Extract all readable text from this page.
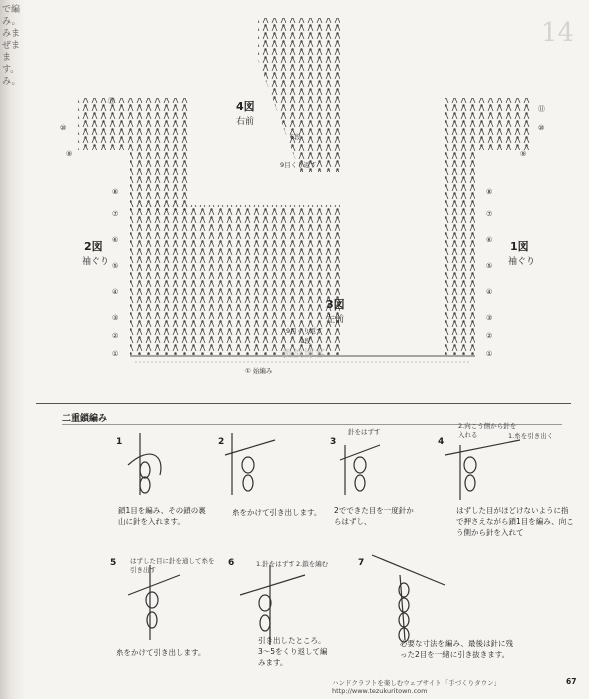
で編
み。
みま
ぜま
ます。
み。
14
4図
右前
6段
9目くり返す
2図
袖ぐり
3図
左前
9目くり返す
9段
① 始編み
1図
袖ぐり
⑪
⑩
⑨
⑧
⑦
⑥
⑤
④
③
②
①
⑪
⑩
⑨
⑧
⑦
⑥
⑤
④
③
②
①
新浪博客
二重鎖編み
1	2	3	4
5	6	7
針をはずす
2.向こう側から針を入れる	1.糸を引き出く
はずした目に針を通して糸を引き出す
1.針をはずす 2.鎖を編む
鎖1目を編み、その鎖の裏山に針を入れます。
糸をかけて引き出します。 2でできた目を一度針からはずし、
はずした目がほどけないように指で押さえながら鎖1目を編み、向こう側から針を入れて
糸をかけて引き出します。
引き出したところ。3〜5をくり返して編みます。
必要な寸法を編み、最後は針に残った2目を一緒に引き抜きます。
ハンドクラフトを楽しむウェブサイト「手づくりタウン」 http://www.tezukuritown.com
67
